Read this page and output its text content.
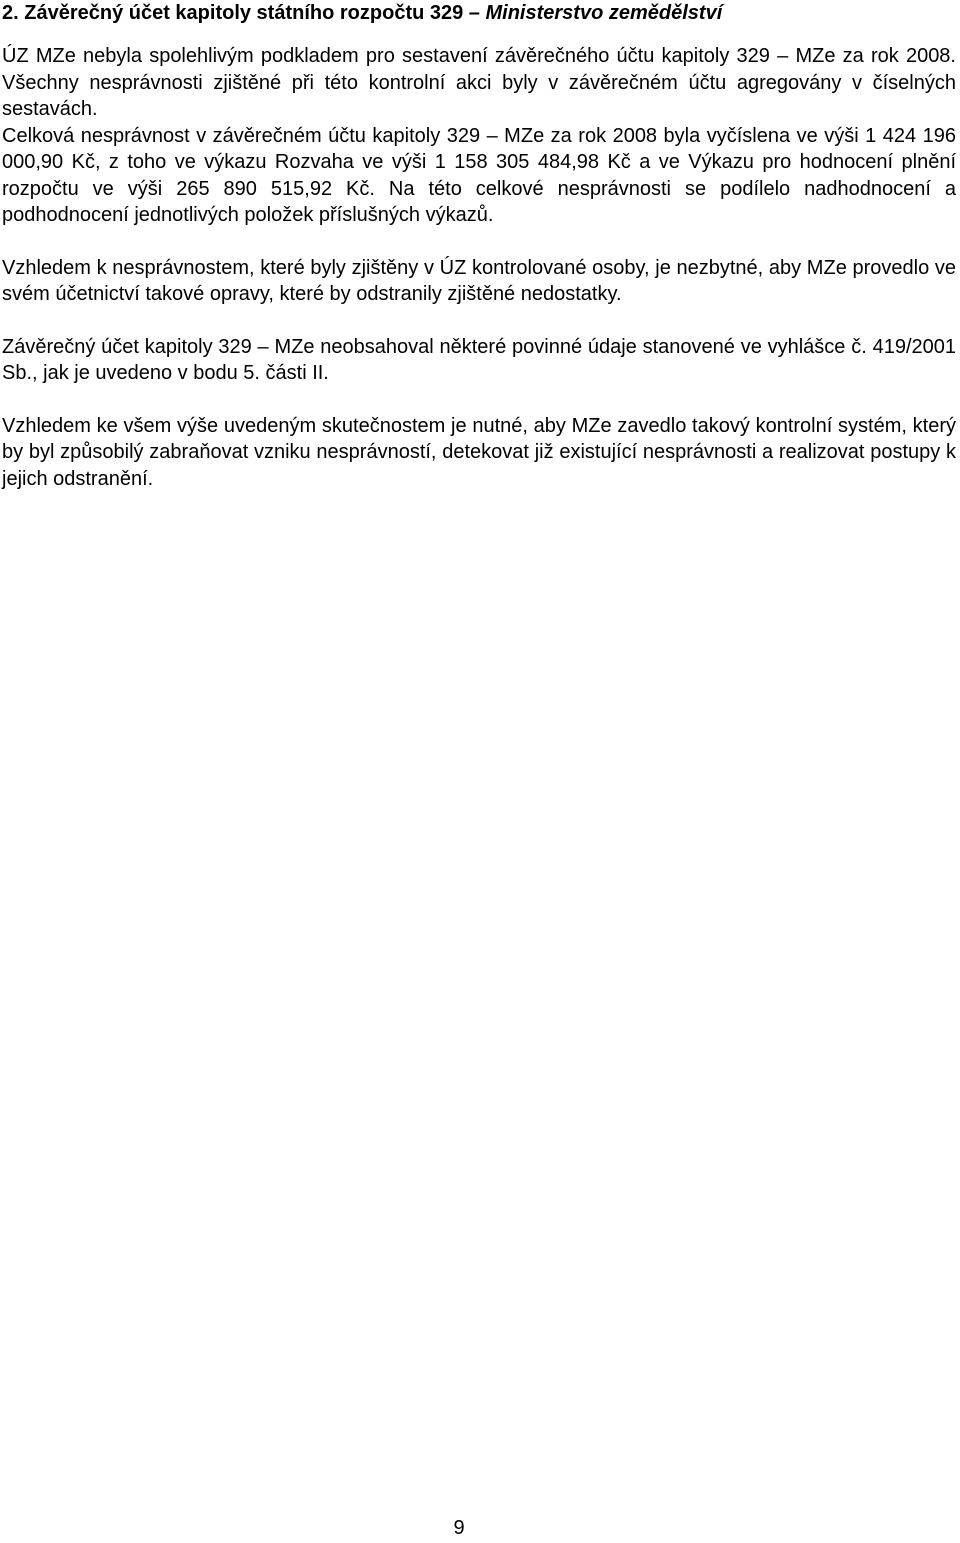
2. Závěrečný účet kapitoly státního rozpočtu 329 – Ministerstvo zemědělství

ÚZ MZe nebyla spolehlivým podkladem pro sestavení závěrečného účtu kapitoly 329 – MZe za rok 2008. Všechny nesprávnosti zjištěné při této kontrolní akci byly v závěrečném účtu agregovány v číselných sestavách.

Celková nesprávnost v závěrečném účtu kapitoly 329 – MZe za rok 2008 byla vyčíslena ve výši 1 424 196 000,90 Kč, z toho ve výkazu Rozvaha ve výši 1 158 305 484,98 Kč a ve Výkazu pro hodnocení plnění rozpočtu ve výši 265 890 515,92 Kč. Na této celkové nesprávnosti se podílelo nadhodnocení a podhodnocení jednotlivých položek příslušných výkazů.

Vzhledem k nesprávnostem, které byly zjištěny v ÚZ kontrolované osoby, je nezbytné, aby MZe provedlo ve svém účetnictví takové opravy, které by odstranily zjištěné nedostatky.

Závěrečný účet kapitoly 329 – MZe neobsahoval některé povinné údaje stanovené ve vyhlášce č. 419/2001 Sb., jak je uvedeno v bodu 5. části II.

Vzhledem ke všem výše uvedeným skutečnostem je nutné, aby MZe zavedlo takový kontrolní systém, který by byl způsobilý zabraňovat vzniku nesprávností, detekovat již existující nesprávnosti a realizovat postupy k jejich odstranění.

9
